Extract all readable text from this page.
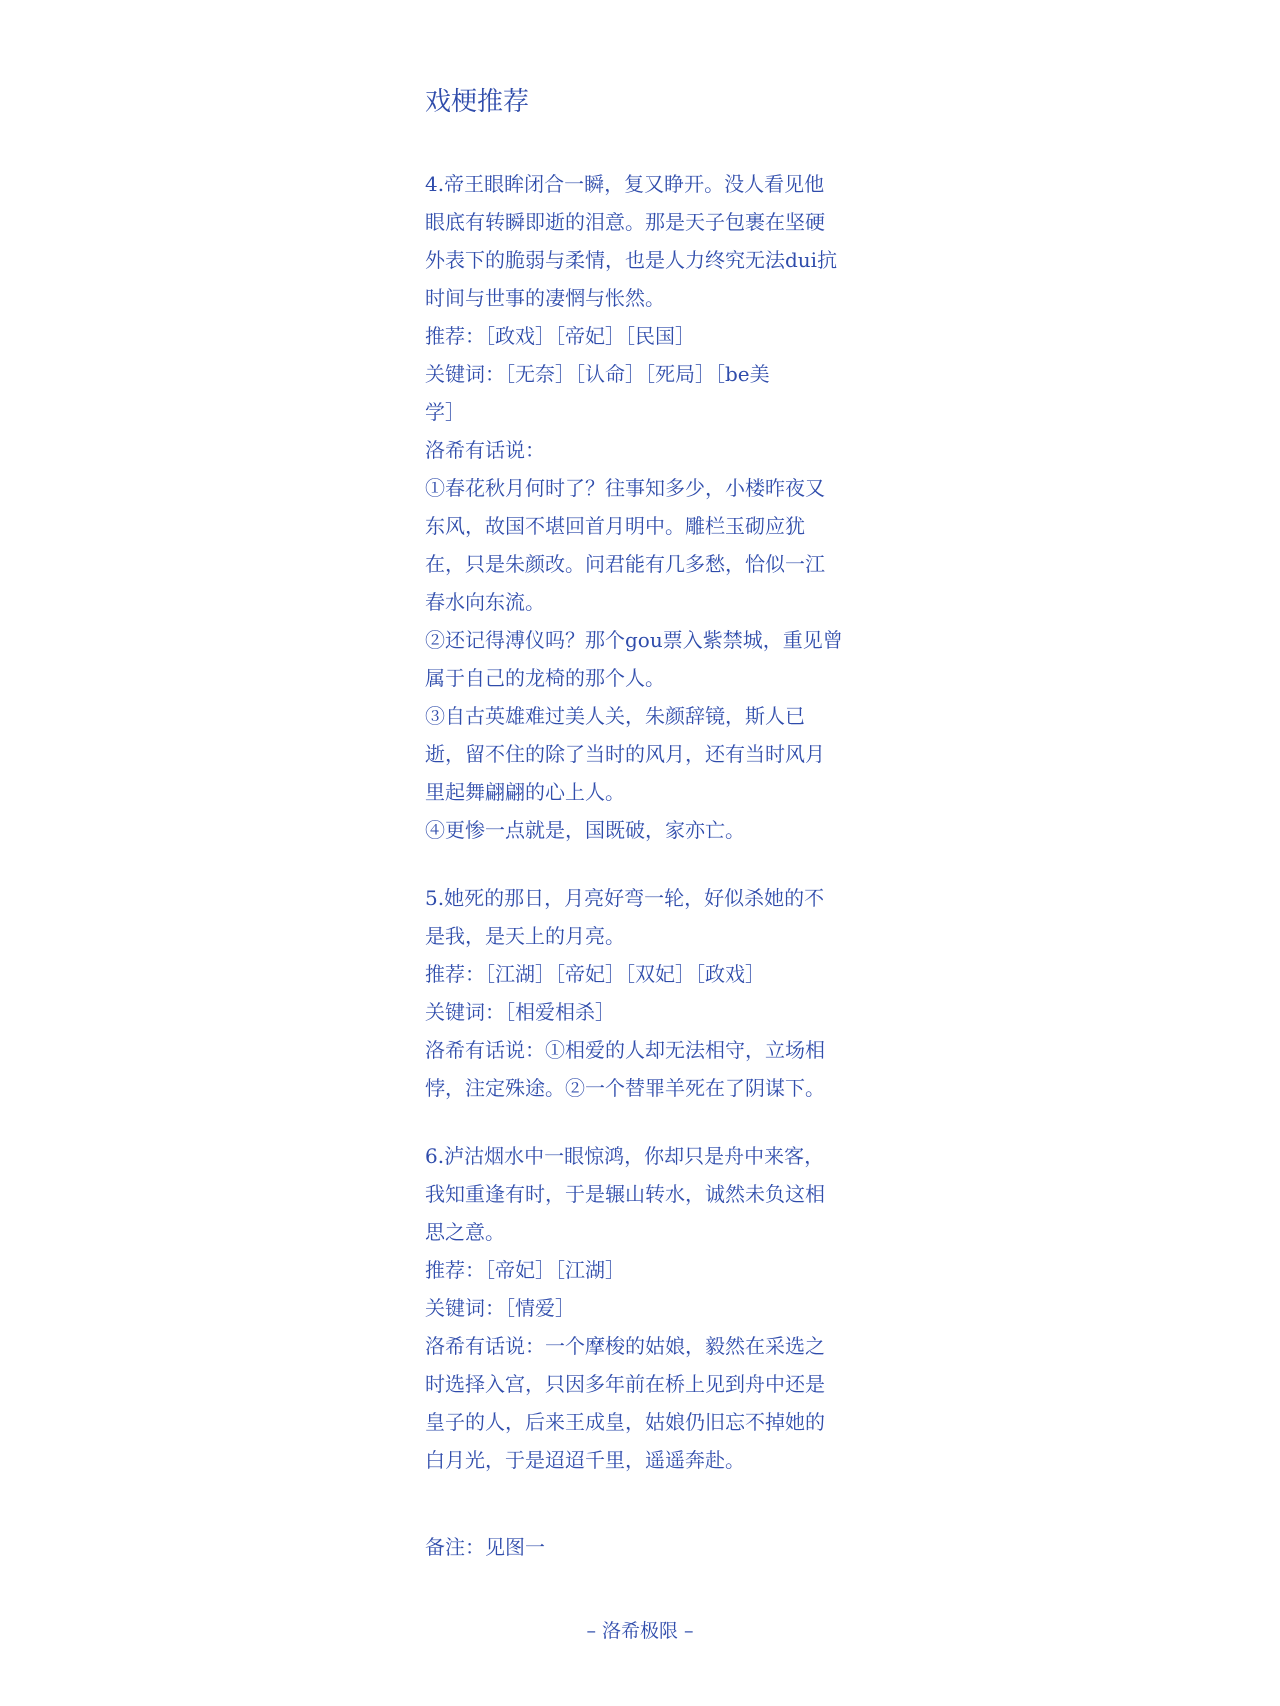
戏梗推荐
4.帝王眼眸闭合一瞬，复又睁开。没人看见他
眼底有转瞬即逝的泪意。那是天子包裹在坚硬
外表下的脆弱与柔情，也是人力终究无法dui抗
时间与世事的凄惘与怅然。
推荐：［政戏］［帝妃］［民国］
关键词：［无奈］［认命］［死局］［be美
学］
洛希有话说：
①春花秋月何时了？往事知多少，小楼昨夜又
东风，故国不堪回首月明中。雕栏玉砌应犹
在，只是朱颜改。问君能有几多愁，恰似一江
春水向东流。
②还记得溥仪吗？那个gou票入紫禁城，重见曾
属于自己的龙椅的那个人。
③自古英雄难过美人关，朱颜辞镜，斯人已
逝，留不住的除了当时的风月，还有当时风月
里起舞翩翩的心上人。
④更惨一点就是，国既破，家亦亡。
5.她死的那日，月亮好弯一轮，好似杀她的不
是我，是天上的月亮。
推荐：［江湖］［帝妃］［双妃］［政戏］
关键词：［相爱相杀］
洛希有话说：①相爱的人却无法相守，立场相
悖，注定殊途。②一个替罪羊死在了阴谋下。
6.泸沽烟水中一眼惊鸿，你却只是舟中来客，
我知重逢有时，于是辗山转水，诚然未负这相
思之意。
推荐：［帝妃］［江湖］
关键词：［情爱］
洛希有话说：一个摩梭的姑娘，毅然在采选之
时选择入宫，只因多年前在桥上见到舟中还是
皇子的人，后来王成皇，姑娘仍旧忘不掉她的
白月光，于是迢迢千里，遥遥奔赴。
备注：见图一
– 洛希极限 –
